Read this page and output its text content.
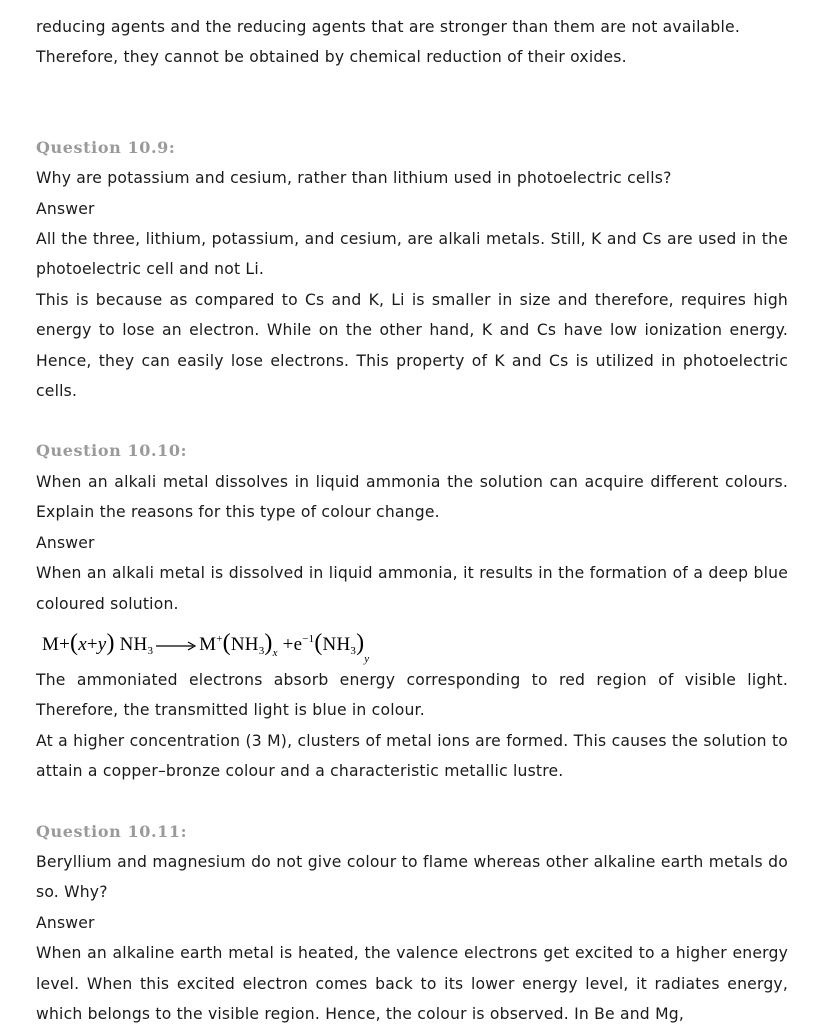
reducing agents and the reducing agents that are stronger than them are not available.

Therefore, they cannot be obtained by chemical reduction of their oxides.

Question 10.9:

Why are potassium and cesium, rather than lithium used in photoelectric cells?

Answer

All the three, lithium, potassium, and cesium, are alkali metals. Still, K and Cs are used in the photoelectric cell and not Li.

This is because as compared to Cs and K, Li is smaller in size and therefore, requires high energy to lose an electron. While on the other hand, K and Cs have low ionization energy. Hence, they can easily lose electrons. This property of K and Cs is utilized in photoelectric cells.

Question 10.10:

When an alkali metal dissolves in liquid ammonia the solution can acquire different colours. Explain the reasons for this type of colour change.

Answer

When an alkali metal is dissolved in liquid ammonia, it results in the formation of a deep blue coloured solution.

M+(x+y) $NH_3 \to M^+(NH_3)_x +e^{-1}(NH_3)_y$

The ammoniated electrons absorb energy corresponding to red region of visible light. Therefore, the transmitted light is blue in colour.

At a higher concentration (3 M), clusters of metal ions are formed. This causes the solution to attain a copper–bronze colour and a characteristic metallic lustre.

Question 10.11:

Beryllium and magnesium do not give colour to flame whereas other alkaline earth metals do so. Why?

Answer

When an alkaline earth metal is heated, the valence electrons get excited to a higher energy level. When this excited electron comes back to its lower energy level, it radiates energy, which belongs to the visible region. Hence, the colour is observed. In Be and Mg,
